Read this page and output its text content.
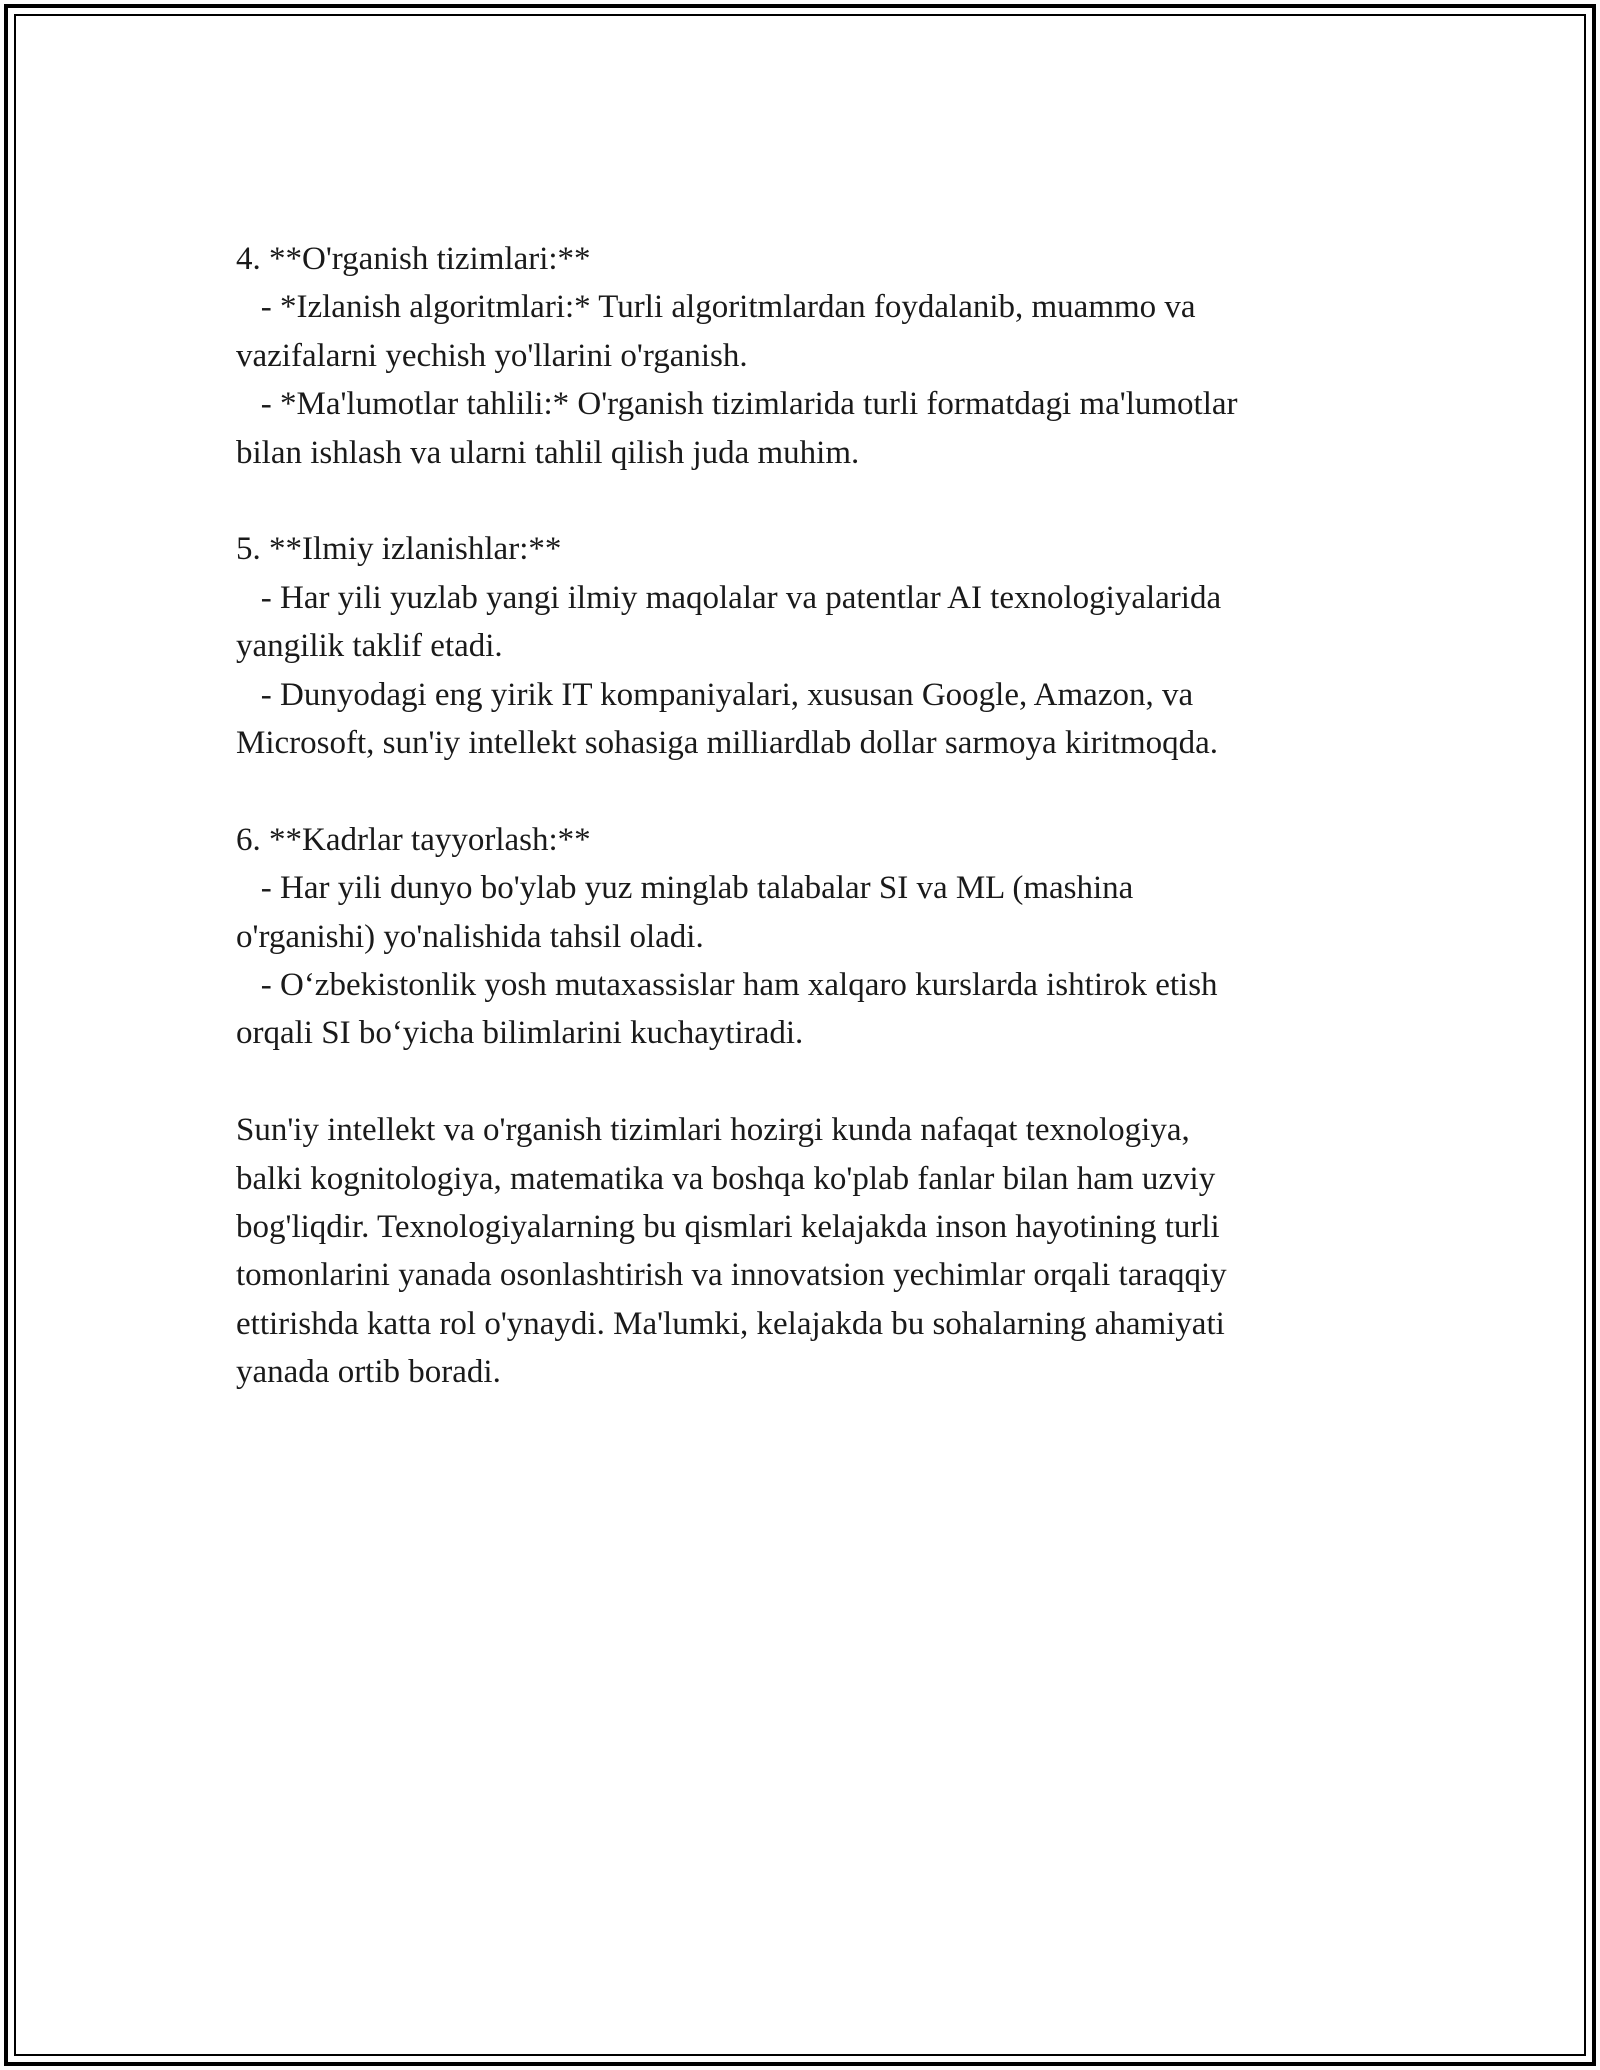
4. **O'rganish tizimlari:**
- *Izlanish algoritmlari:* Turli algoritmlardan foydalanib, muammo va
vazifalarni yechish yo'llarini o'rganish.
- *Ma'lumotlar tahlili:* O'rganish tizimlarida turli formatdagi ma'lumotlar
bilan ishlash va ularni tahlil qilish juda muhim.
5. **Ilmiy izlanishlar:**
- Har yili yuzlab yangi ilmiy maqolalar va patentlar AI texnologiyalarida
yangilik taklif etadi.
- Dunyodagi eng yirik IT kompaniyalari, xususan Google, Amazon, va
Microsoft, sun'iy intellekt sohasiga milliardlab dollar sarmoya kiritmoqda.
6. **Kadrlar tayyorlash:**
- Har yili dunyo bo'ylab yuz minglab talabalar SI va ML (mashina
o'rganishi) yo'nalishida tahsil oladi.
- O‘zbekistonlik yosh mutaxassislar ham xalqaro kurslarda ishtirok etish
orqali SI bo‘yicha bilimlarini kuchaytiradi.
Sun'iy intellekt va o'rganish tizimlari hozirgi kunda nafaqat texnologiya,
balki kognitologiya, matematika va boshqa ko'plab fanlar bilan ham uzviy
bog'liqdir. Texnologiyalarning bu qismlari kelajakda inson hayotining turli
tomonlarini yanada osonlashtirish va innovatsion yechimlar orqali taraqqiy
ettirishda katta rol o'ynaydi. Ma'lumki, kelajakda bu sohalarning ahamiyati
yanada ortib boradi.
